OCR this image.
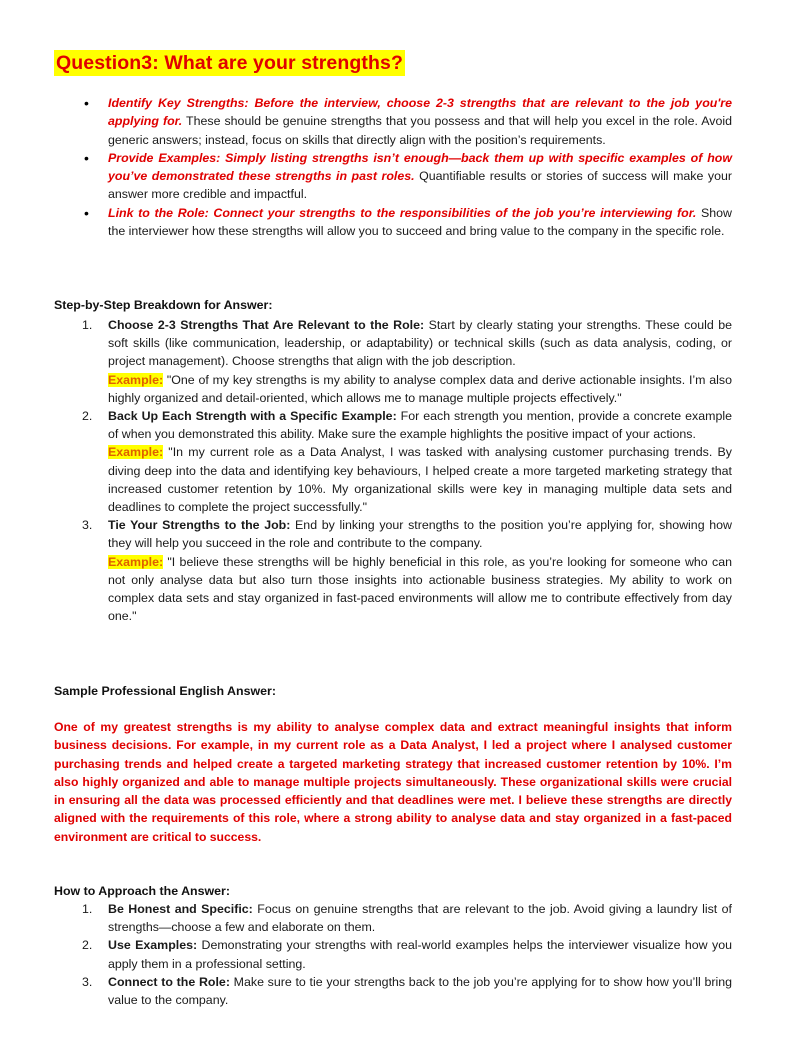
Question3: What are your strengths?
• Identify Key Strengths: Before the interview, choose 2-3 strengths that are relevant to the job you're applying for. These should be genuine strengths that you possess and that will help you excel in the role. Avoid generic answers; instead, focus on skills that directly align with the position’s requirements.
• Provide Examples: Simply listing strengths isn’t enough—back them up with specific examples of how you’ve demonstrated these strengths in past roles. Quantifiable results or stories of success will make your answer more credible and impactful.
• Link to the Role: Connect your strengths to the responsibilities of the job you’re interviewing for. Show the interviewer how these strengths will allow you to succeed and bring value to the company in the specific role.
Step-by-Step Breakdown for Answer:
1. Choose 2-3 Strengths That Are Relevant to the Role: Start by clearly stating your strengths. These could be soft skills (like communication, leadership, or adaptability) or technical skills (such as data analysis, coding, or project management). Choose strengths that align with the job description.
Example: "One of my key strengths is my ability to analyse complex data and derive actionable insights. I’m also highly organized and detail-oriented, which allows me to manage multiple projects effectively."
2. Back Up Each Strength with a Specific Example: For each strength you mention, provide a concrete example of when you demonstrated this ability. Make sure the example highlights the positive impact of your actions.
Example: "In my current role as a Data Analyst, I was tasked with analysing customer purchasing trends. By diving deep into the data and identifying key behaviours, I helped create a more targeted marketing strategy that increased customer retention by 10%. My organizational skills were key in managing multiple data sets and deadlines to complete the project successfully."
3. Tie Your Strengths to the Job: End by linking your strengths to the position you’re applying for, showing how they will help you succeed in the role and contribute to the company.
Example: "I believe these strengths will be highly beneficial in this role, as you’re looking for someone who can not only analyse data but also turn those insights into actionable business strategies. My ability to work on complex data sets and stay organized in fast-paced environments will allow me to contribute effectively from day one."
Sample Professional English Answer:
One of my greatest strengths is my ability to analyse complex data and extract meaningful insights that inform business decisions. For example, in my current role as a Data Analyst, I led a project where I analysed customer purchasing trends and helped create a targeted marketing strategy that increased customer retention by 10%. I’m also highly organized and able to manage multiple projects simultaneously. These organizational skills were crucial in ensuring all the data was processed efficiently and that deadlines were met. I believe these strengths are directly aligned with the requirements of this role, where a strong ability to analyse data and stay organized in a fast-paced environment are critical to success.
How to Approach the Answer:
1. Be Honest and Specific: Focus on genuine strengths that are relevant to the job. Avoid giving a laundry list of strengths—choose a few and elaborate on them.
2. Use Examples: Demonstrating your strengths with real-world examples helps the interviewer visualize how you apply them in a professional setting.
3. Connect to the Role: Make sure to tie your strengths back to the job you’re applying for to show how you’ll bring value to the company.
